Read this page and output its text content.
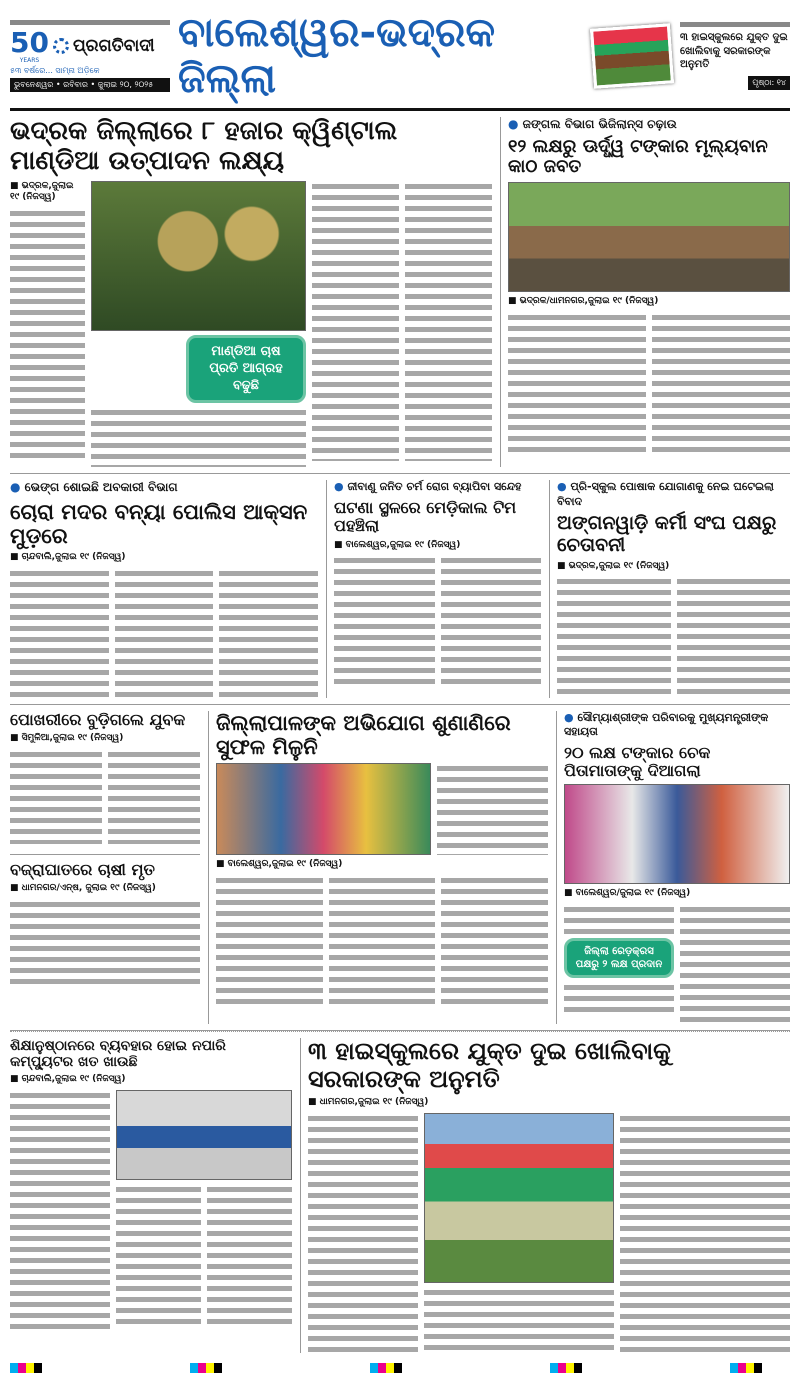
50
YEARS
ପ୍ରଗତିବାଦୀ
୫୩ ବର୍ଷରେ... ସାମ୍ନା ଅଡ଼ିକେ
ଭୁବନେଶ୍ୱର • ରବିବାର • ଜୁଲାଇ ୨୦, ୨୦୨୫
ବାଲେଶ୍ୱର-ଭଦ୍ରକ ଜିଲ୍ଲା
୩ ହାଇସ୍କୁଲରେ ଯୁକ୍ତ ଦୁଇ ଖୋଲିବାକୁ ସରକାରଙ୍କ ଅନୁମତି
ପୃଷ୍ଠା: ୧୪
ଭଦ୍ରକ ଜିଲ୍ଲାରେ ୮ ହଜାର କ୍ୱିଣ୍ଟାଲ ମାଣ୍ଡିଆ ଉତ୍ପାଦନ ଲକ୍ଷ୍ୟ
■ ଭଦ୍ରକ,ଜୁଲାଇ ୧୯ (ନିଜସ୍ୱ)
ମାଣ୍ଡିଆ ଚାଷ ପ୍ରତି ଆଗ୍ରହ ବଢୁଛି
● ଜଙ୍ଗଲ ବିଭାଗ ଭିଜିଲାନ୍ସ ଚଢ଼ାଉ
୧୨ ଲକ୍ଷରୁ ଊର୍ଦ୍ଧ୍ୱ ଟଙ୍କାର ମୂଲ୍ୟବାନ କାଠ ଜବତ
■ ଭଦ୍ରକ/ଧାମନଗର,ଜୁଲାଇ ୧୯ (ନିଜସ୍ୱ)
● ଭେଙ୍ଗ ଶୋଇଛି ଅବକାରୀ ବିଭାଗ
ଚୋରା ମଦର ବନ୍ୟା ପୋଲିସ ଆକ୍ସନ ମୁଡ଼ରେ
■ ଚାନ୍ଦବାଲି,ଜୁଲାଇ ୧୯ (ନିଜସ୍ୱ)
● ଜୀବାଣୁ ଜନିତ ଚର୍ମ ରୋଗ ବ୍ୟାପିବା ସନ୍ଦେହ
ଘଟଣା ସ୍ଥଳରେ ମେଡ଼ିକାଲ ଟିମ ପହଞ୍ଚିଲା
■ ବାଲେଶ୍ୱର,ଜୁଲାଇ ୧୯ (ନିଜସ୍ୱ)
● ପ୍ରି-ସ୍କୁଲ ପୋଷାକ ଯୋଗାଣକୁ ନେଇ ଘଟେଇଲା ବିବାଦ
ଅଙ୍ଗନୱାଡ଼ି କର୍ମୀ ସଂଘ ପକ୍ଷରୁ ଚେତାବନୀ
■ ଭଦ୍ରକ,ଜୁଲାଇ ୧୯ (ନିଜସ୍ୱ)
ପୋଖରୀରେ ବୁଡ଼ିଗଲେ ଯୁବକ
■ ସିମୁଳିଆ,ଜୁଲାଇ ୧୯ (ନିଜସ୍ୱ)
ବଜ୍ରାଘାତରେ ଚାଷୀ ମୃତ
■ ଧାମନଗର/ଏନ୍ଷ, ଜୁଲାଇ ୧୯ (ନିଜସ୍ୱ)
ଜିଲ୍ଲାପାଳଙ୍କ ଅଭିଯୋଗ ଶୁଣାଣିରେ ସୁଫଳ ମିଳୁନି
■ ବାଲେଶ୍ୱର,ଜୁଲାଇ ୧୯ (ନିଜସ୍ୱ)
● ସୌମ୍ୟାଶ୍ରୀଙ୍କ ପରିବାରକୁ ମୁଖ୍ୟମନ୍ତ୍ରୀଙ୍କ ସହାୟତା
୨୦ ଲକ୍ଷ ଟଙ୍କାର ଚେକ ପିତାମାତାଙ୍କୁ ଦିଆଗଲା
■ ବାଲେଶ୍ୱର/ଜୁଲାଇ ୧୯ (ନିଜସ୍ୱ)
ଜିଲ୍ଲା ରେଡ଼କ୍ରସ ପକ୍ଷରୁ ୨ ଲକ୍ଷ ପ୍ରଦାନ
ଶିକ୍ଷାନୁଷ୍ଠାନରେ ବ୍ୟବହାର ହୋଇ ନପାରି କମ୍ପ୍ୟୁଟର ଖତ ଖାଉଛି
■ ଚାନ୍ଦବାଲି,ଜୁଲାଇ ୧୯ (ନିଜସ୍ୱ)
୩ ହାଇସ୍କୁଲରେ ଯୁକ୍ତ ଦୁଇ ଖୋଲିବାକୁ ସରକାରଙ୍କ ଅନୁମତି
■ ଧାମନଗର,ଜୁଲାଇ ୧୯ (ନିଜସ୍ୱ)
